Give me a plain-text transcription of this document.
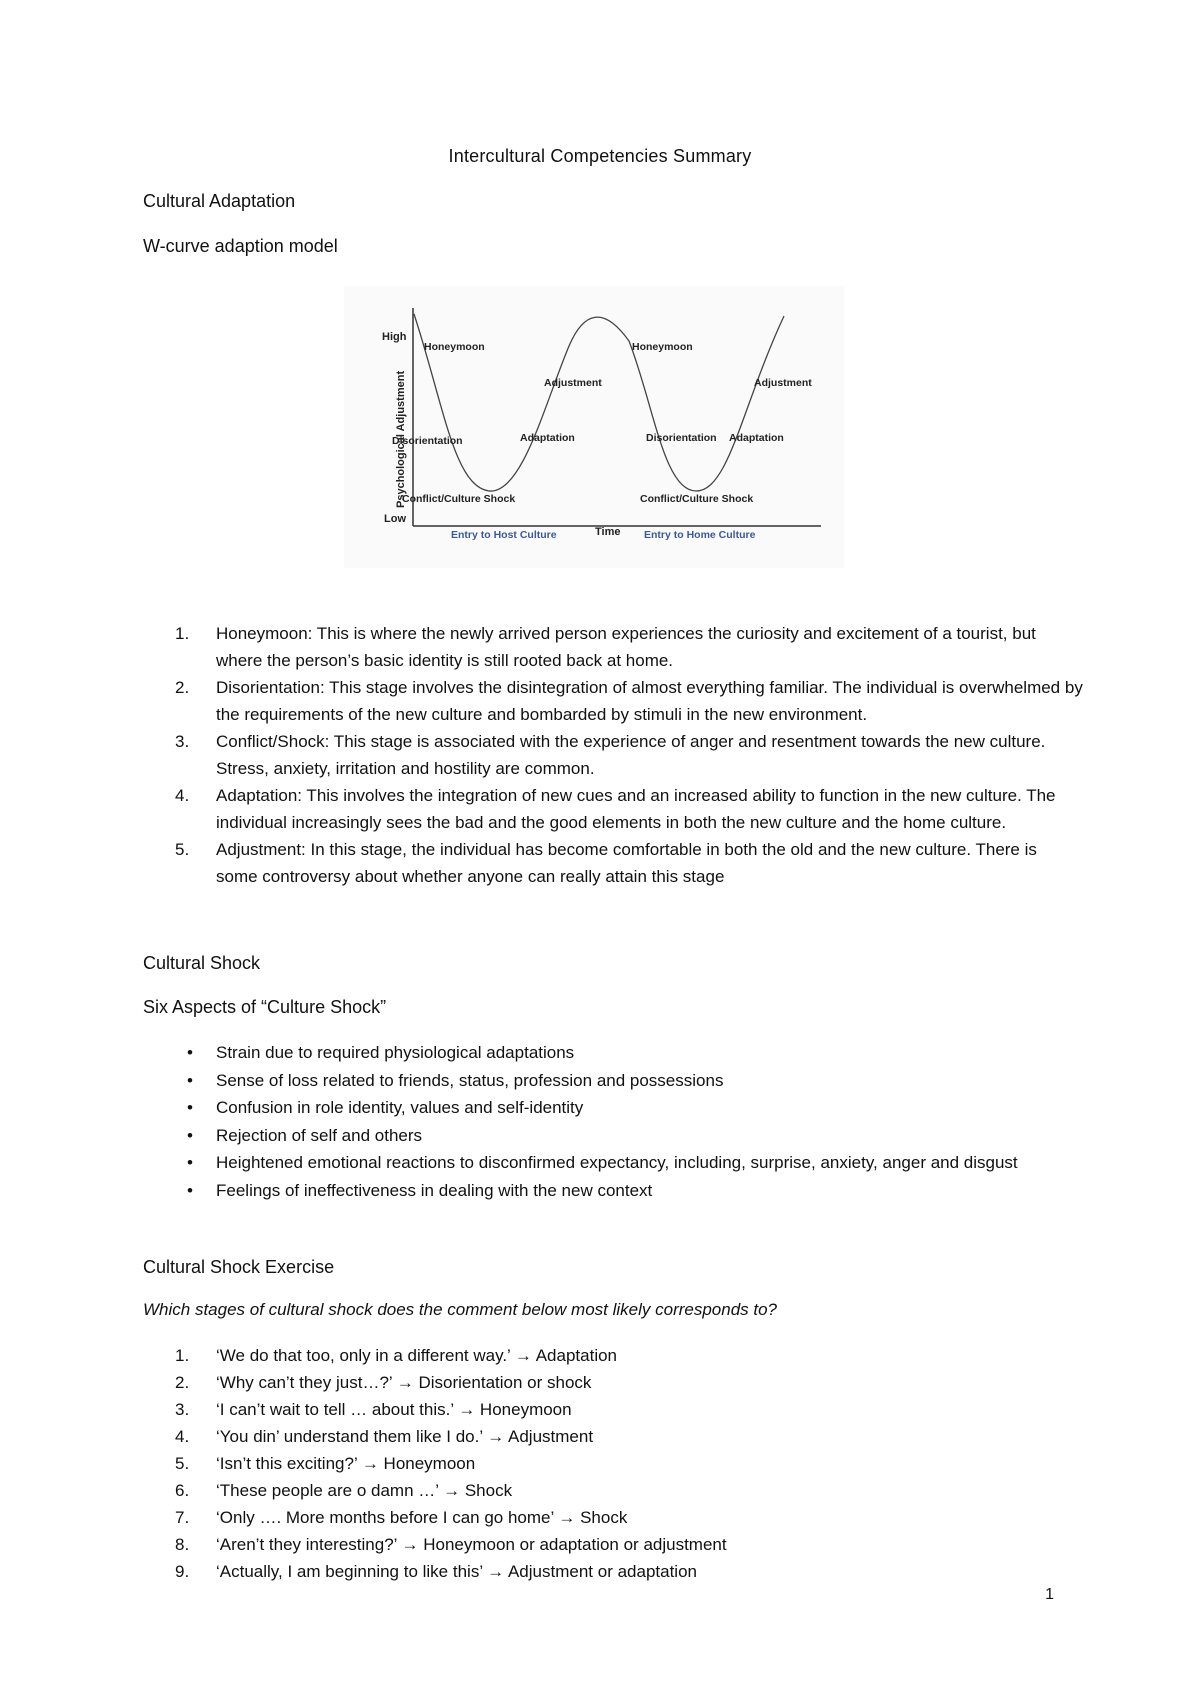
Intercultural Competencies Summary
Cultural Adaptation
W-curve adaption model
High
Low
Psychological Adjustment
Time
Entry to Host Culture	Entry to Home Culture
Honeymoon	Honeymoon
Adjustment	Adjustment
Disorientation	Disorientation
Adaptation	Adaptation
Conflict/Culture Shock	Conflict/Culture Shock
1. Honeymoon: This is where the newly arrived person experiences the curiosity and excitement of a tourist, but where the person’s basic identity is still rooted back at home.
2. Disorientation: This stage involves the disintegration of almost everything familiar. The individual is overwhelmed by the requirements of the new culture and bombarded by stimuli in the new environment.
3. Conflict/Shock: This stage is associated with the experience of anger and resentment towards the new culture. Stress, anxiety, irritation and hostility are common.
4. Adaptation: This involves the integration of new cues and an increased ability to function in the new culture. The individual increasingly sees the bad and the good elements in both the new culture and the home culture.
5. Adjustment: In this stage, the individual has become comfortable in both the old and the new culture. There is some controversy about whether anyone can really attain this stage
Cultural Shock
Six Aspects of “Culture Shock”
• Strain due to required physiological adaptations
• Sense of loss related to friends, status, profession and possessions
• Confusion in role identity, values and self-identity
• Rejection of self and others
• Heightened emotional reactions to disconfirmed expectancy, including, surprise, anxiety, anger and disgust
• Feelings of ineffectiveness in dealing with the new context
Cultural Shock Exercise
Which stages of cultural shock does the comment below most likely corresponds to?
1. ‘We do that too, only in a different way.’ → Adaptation
2. ‘Why can’t they just…?’ → Disorientation or shock
3. ‘I can’t wait to tell … about this.’ → Honeymoon
4. ‘You din’ understand them like I do.’ → Adjustment
5. ‘Isn’t this exciting?’ → Honeymoon
6. ‘These people are o damn …’ → Shock
7. ‘Only …. More months before I can go home’ → Shock
8. ‘Aren’t they interesting?’ → Honeymoon or adaptation or adjustment
9. ‘Actually, I am beginning to like this’ → Adjustment or adaptation
1
